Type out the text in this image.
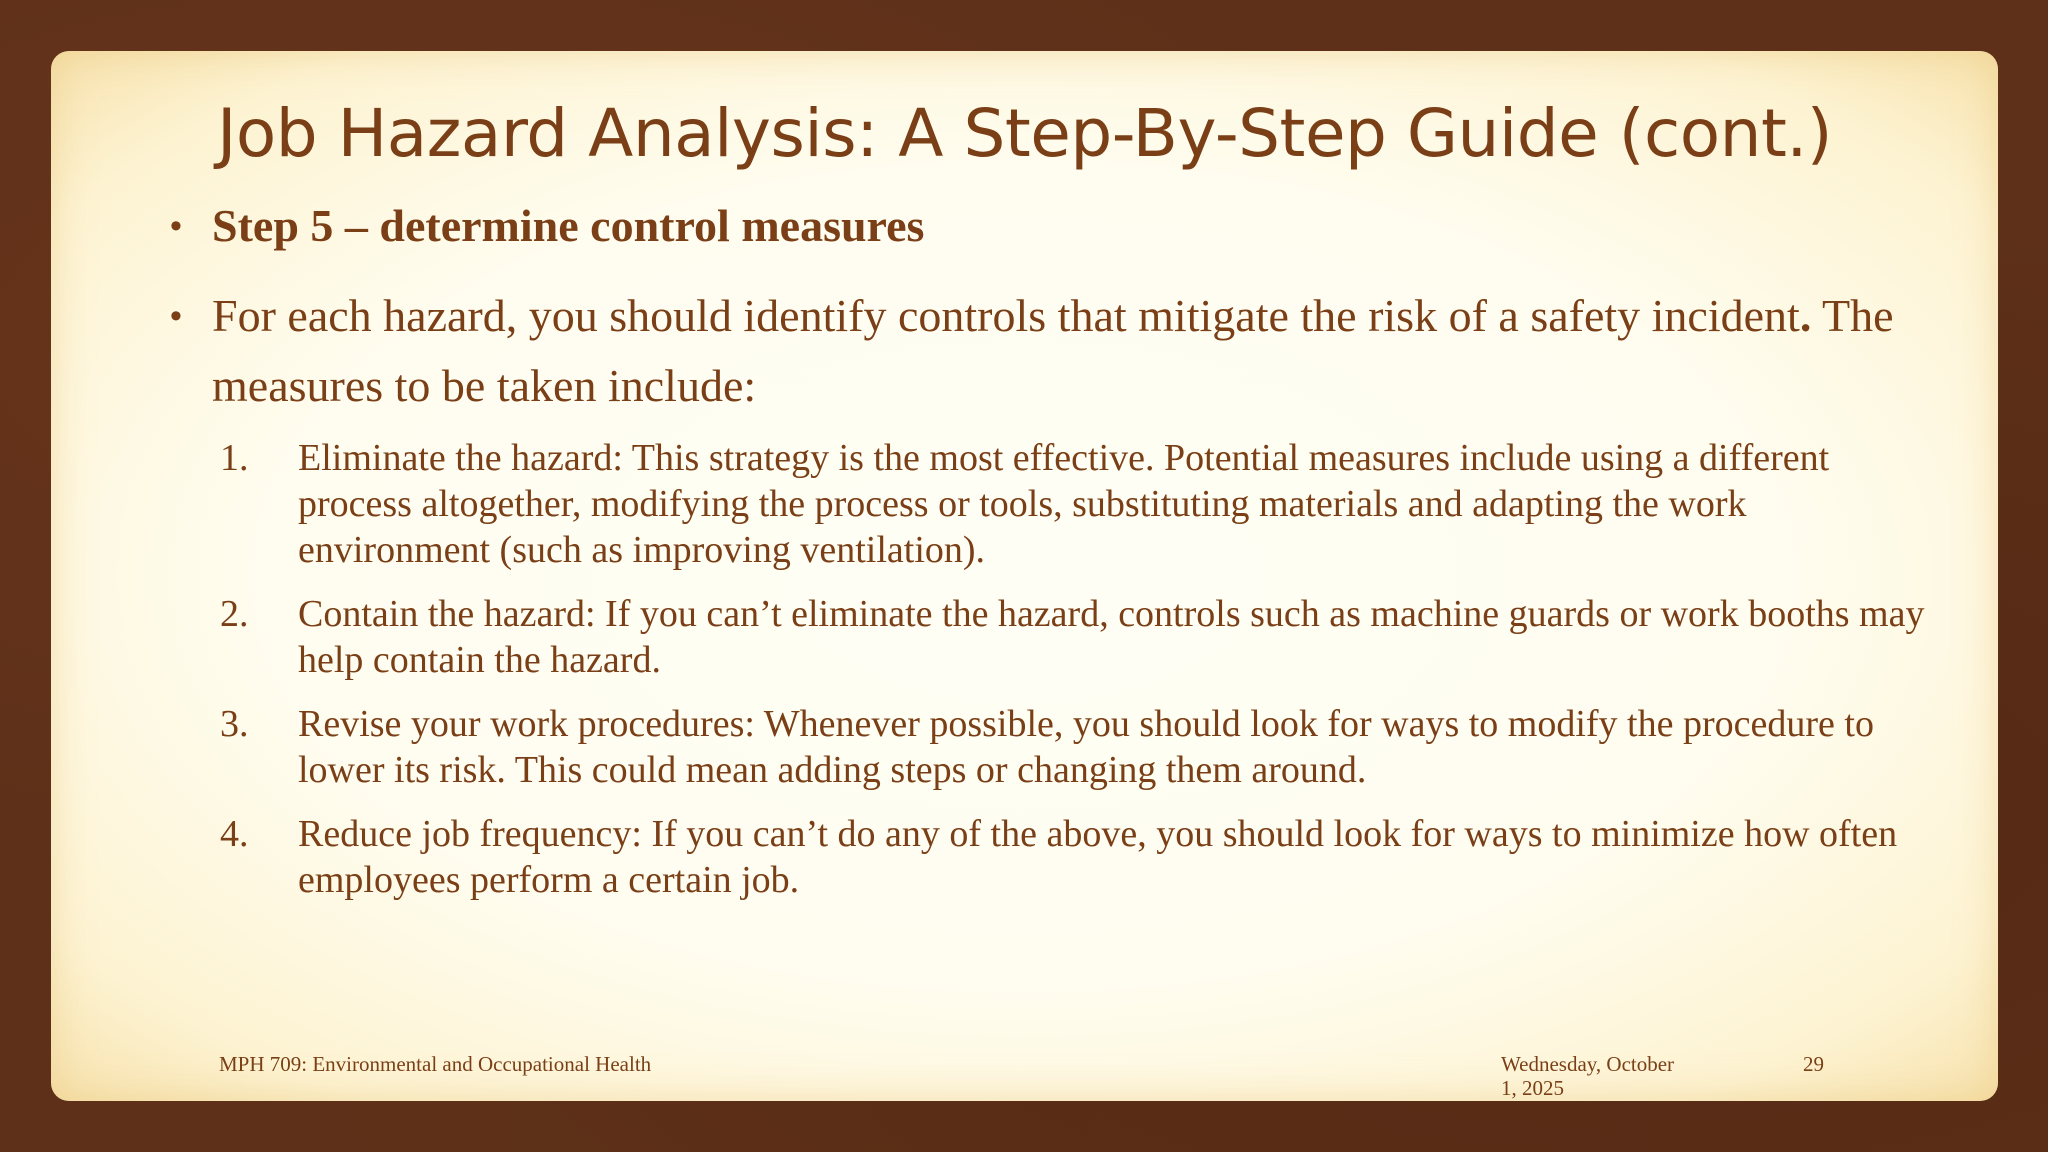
Job Hazard Analysis: A Step-By-Step Guide (cont.)
• Step 5 – determine control measures
• For each hazard, you should identify controls that mitigate the risk of a safety incident. The measures to be taken include:
1. Eliminate the hazard: This strategy is the most effective. Potential measures include using a different process altogether, modifying the process or tools, substituting materials and adapting the work environment (such as improving ventilation).
2. Contain the hazard: If you can’t eliminate the hazard, controls such as machine guards or work booths may help contain the hazard.
3. Revise your work procedures: Whenever possible, you should look for ways to modify the procedure to lower its risk. This could mean adding steps or changing them around.
4. Reduce job frequency: If you can’t do any of the above, you should look for ways to minimize how often employees perform a certain job.
MPH 709: Environmental and Occupational Health	Wednesday, October 1, 2025
29
